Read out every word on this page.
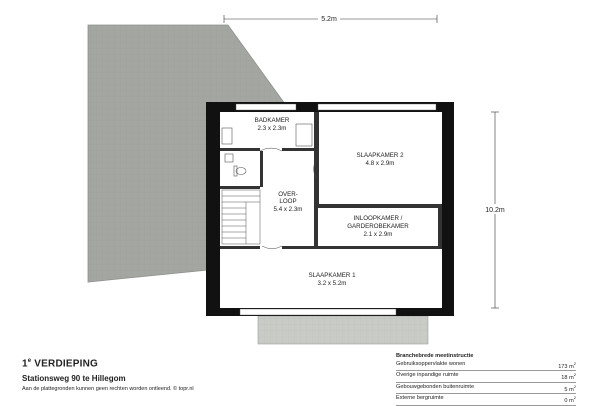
BADKAMER
2.3 x 2.3m
SLAAPKAMER 2
4.8 x 2.9m
OVER-
LOOP
5.4 x 2.3m
INLOOPKAMER /
GARDEROBEKAMER
2.1 x 2.9m
SLAAPKAMER 1
3.2 x 5.2m
5.2m
10.2m
1e VERDIEPING
Stationsweg 90 te Hillegom
Aan de plattegronden kunnen geen rechten worden ontleend. © topr.nl
Branchebrede meetinstructie
Gebruiksoppervlakte wonen	173 $m^2$
Overige inpandige ruimte	18 $m^2$
Gebouwgebonden buitenruimte	5 $m^2$
Externe bergruimte	0 $m^2$
